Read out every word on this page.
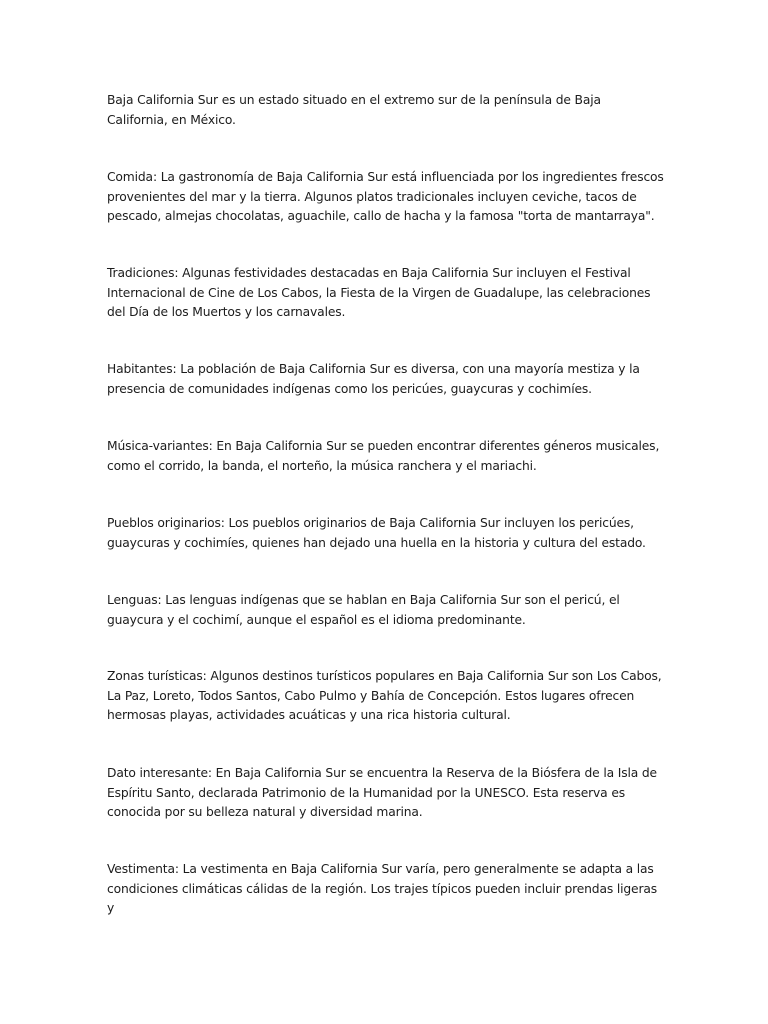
Baja California Sur es un estado situado en el extremo sur de la península de Baja California, en México.

Comida: La gastronomía de Baja California Sur está influenciada por los ingredientes frescos provenientes del mar y la tierra. Algunos platos tradicionales incluyen ceviche, tacos de pescado, almejas chocolatas, aguachile, callo de hacha y la famosa "torta de mantarraya".

Tradiciones: Algunas festividades destacadas en Baja California Sur incluyen el Festival Internacional de Cine de Los Cabos, la Fiesta de la Virgen de Guadalupe, las celebraciones del Día de los Muertos y los carnavales.

Habitantes: La población de Baja California Sur es diversa, con una mayoría mestiza y la presencia de comunidades indígenas como los pericúes, guaycuras y cochimíes.

Música-variantes: En Baja California Sur se pueden encontrar diferentes géneros musicales, como el corrido, la banda, el norteño, la música ranchera y el mariachi.

Pueblos originarios: Los pueblos originarios de Baja California Sur incluyen los pericúes, guaycuras y cochimíes, quienes han dejado una huella en la historia y cultura del estado.

Lenguas: Las lenguas indígenas que se hablan en Baja California Sur son el pericú, el guaycura y el cochimí, aunque el español es el idioma predominante.

Zonas turísticas: Algunos destinos turísticos populares en Baja California Sur son Los Cabos, La Paz, Loreto, Todos Santos, Cabo Pulmo y Bahía de Concepción. Estos lugares ofrecen hermosas playas, actividades acuáticas y una rica historia cultural.

Dato interesante: En Baja California Sur se encuentra la Reserva de la Biósfera de la Isla de Espíritu Santo, declarada Patrimonio de la Humanidad por la UNESCO. Esta reserva es conocida por su belleza natural y diversidad marina.

Vestimenta: La vestimenta en Baja California Sur varía, pero generalmente se adapta a las condiciones climáticas cálidas de la región. Los trajes típicos pueden incluir prendas ligeras y
